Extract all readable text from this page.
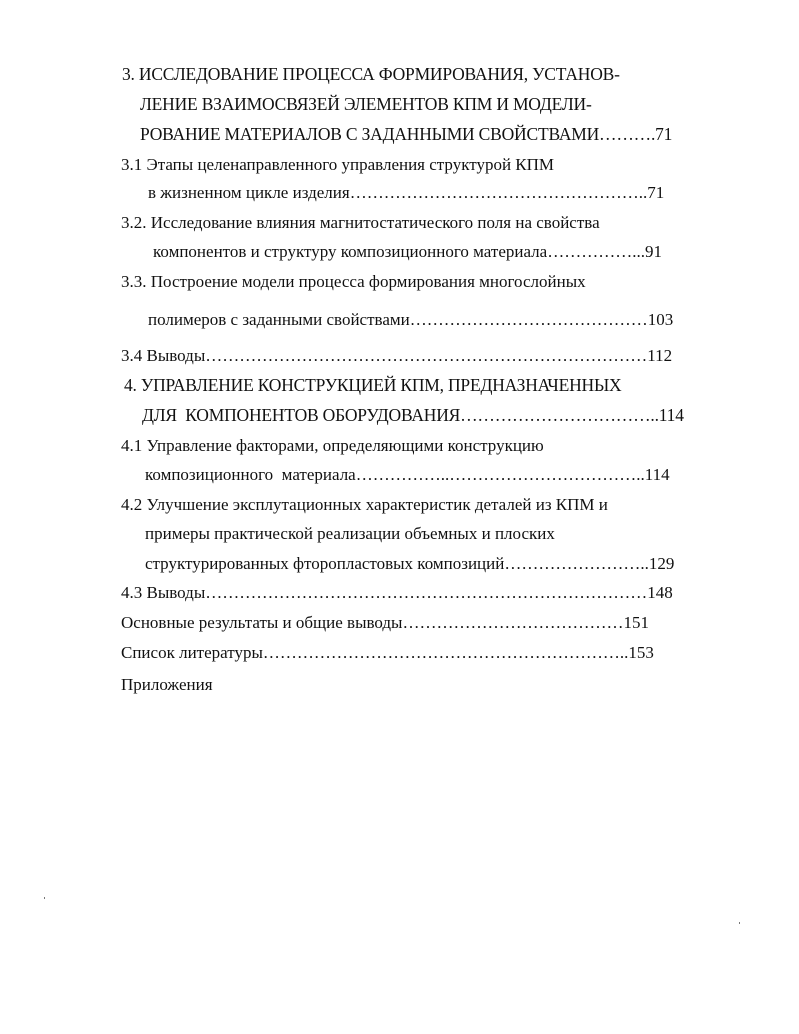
3. ИССЛЕДОВАНИЕ ПРОЦЕССА ФОРМИРОВАНИЯ, УСТАНОВ-
ЛЕНИЕ ВЗАИМОСВЯЗЕЙ ЭЛЕМЕНТОВ КПМ И МОДЕЛИ-
РОВАНИЕ МАТЕРИАЛОВ С ЗАДАННЫМИ СВОЙСТВАМИ……….71
3.1 Этапы целенаправленного управления структурой КПМ
в жизненном цикле изделия……………………………………………..71
3.2. Исследование влияния магнитостатического поля на свойства
компонентов и структуру композиционного материала……………...91
3.3. Построение модели процесса формирования многослойных
полимеров с заданными свойствами……………………………………103
3.4 Выводы……………………………………………………………………112
4. УПРАВЛЕНИЕ КОНСТРУКЦИЕЙ КПМ, ПРЕДНАЗНАЧЕННЫХ
ДЛЯ  КОМПОНЕНТОВ ОБОРУДОВАНИЯ……………………………..114
4.1 Управление факторами, определяющими конструкцию
композиционного  материала……………..……………………………..114
4.2 Улучшение эксплутационных характеристик деталей из КПМ и
примеры практической реализации объемных и плоских
структурированных фторопластовых композиций……………………..129
4.3 Выводы……………………………………………………………………148
Основные результаты и общие выводы…………………………………151
Список литературы………………………………………………………..153
Приложения
